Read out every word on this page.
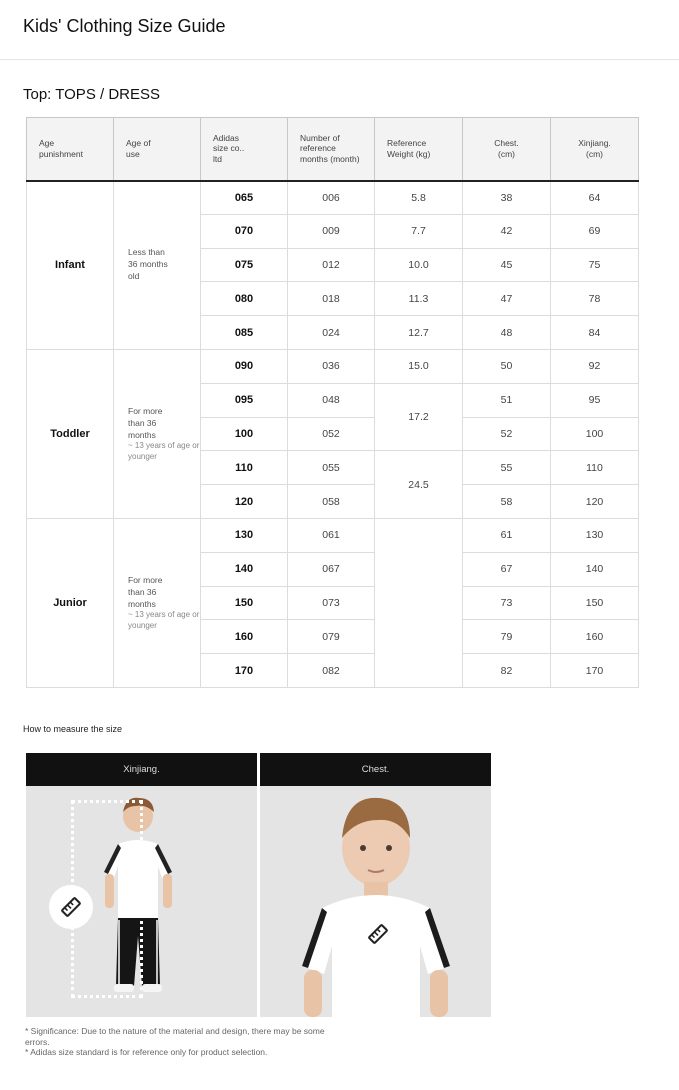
Kids' Clothing Size Guide
Top: TOPS / DRESS
Age
punishment	Age of
use	Adidas
size co..
ltd	Number of
reference
months (month)	Reference
Weight (kg)	Chest.
(cm)	Xinjiang.
(cm)
Infant	Less than
36 months
old	065	006	5.8	38	64
		070	009	7.7	42	69
		075	012	10.0	45	75
		080	018	11.3	47	78
		085	024	12.7	48	84
Toddler	For more
than 36
months
~ 13 years of age or younger	090	036	15.0	50	92
		095	048	17.2	51	95
		100	052		52	100
		110	055	24.5	55	110
		120	058		58	120
Junior	For more
than 36
months
~ 13 years of age or younger	130	061		61	130
		140	067		67	140
		150	073		73	150
		160	079		79	160
		170	082		82	170
How to measure the size
Xinjiang.	Chest.
* Significance: Due to the nature of the material and design, there may be some errors.
* Adidas size standard is for reference only for product selection.
